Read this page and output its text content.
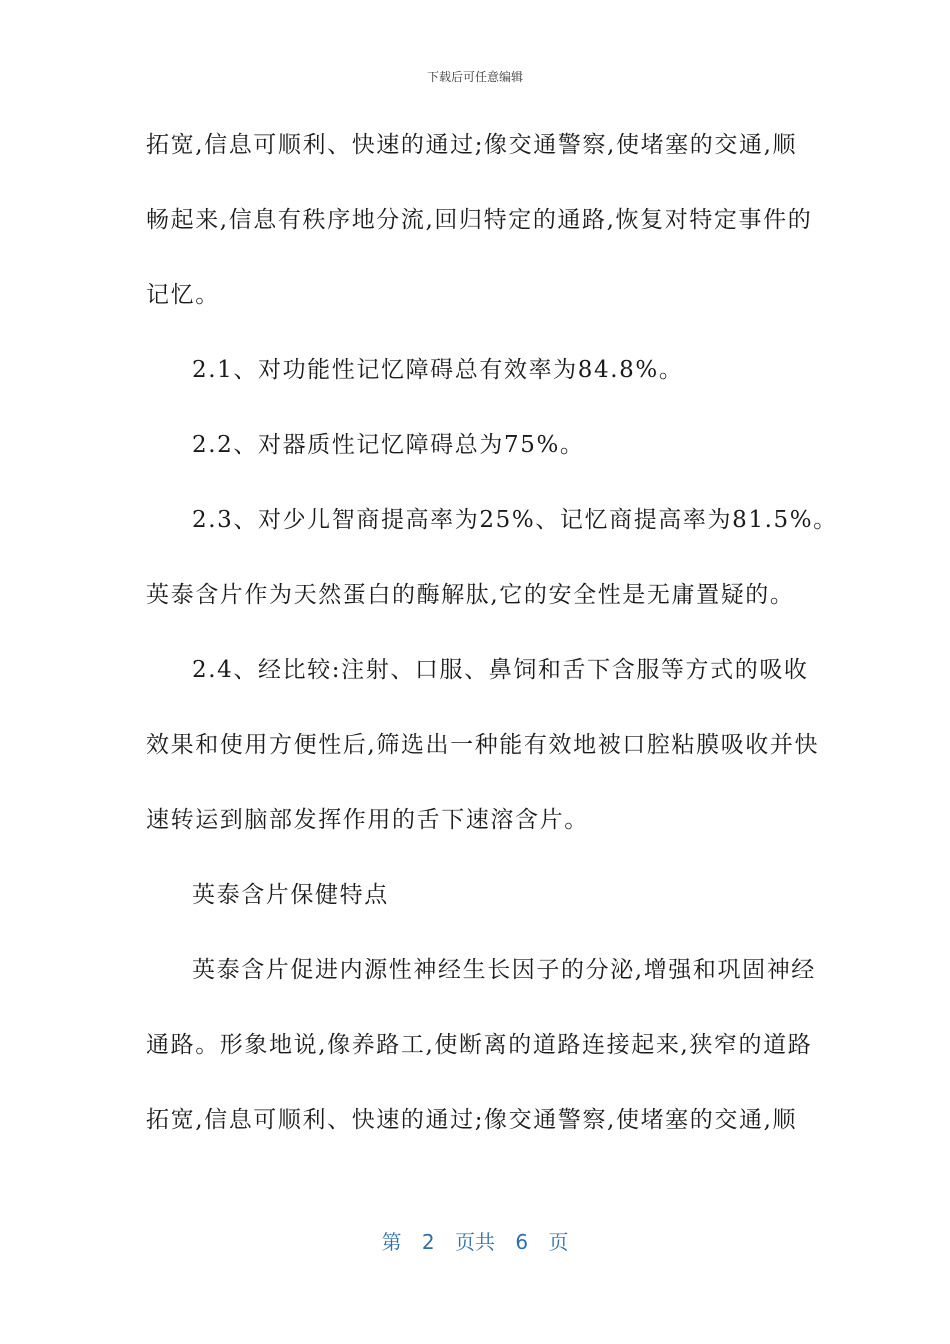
下载后可任意编辑
拓宽,信息可顺利、快速的通过;像交通警察,使堵塞的交通,顺
畅起来,信息有秩序地分流,回归特定的通路,恢复对特定事件的
记忆。
2.1、对功能性记忆障碍总有效率为84.8%。
2.2、对器质性记忆障碍总为75%。
2.3、对少儿智商提高率为25%、记忆商提高率为81.5%。
英泰含片作为天然蛋白的酶解肽,它的安全性是无庸置疑的。
2.4、经比较:注射、口服、鼻饲和舌下含服等方式的吸收
效果和使用方便性后,筛选出一种能有效地被口腔粘膜吸收并快
速转运到脑部发挥作用的舌下速溶含片。
英泰含片保健特点
英泰含片促进内源性神经生长因子的分泌,增强和巩固神经
通路。形象地说,像养路工,使断离的道路连接起来,狭窄的道路
拓宽,信息可顺利、快速的通过;像交通警察,使堵塞的交通,顺
第 2 页共 6 页
